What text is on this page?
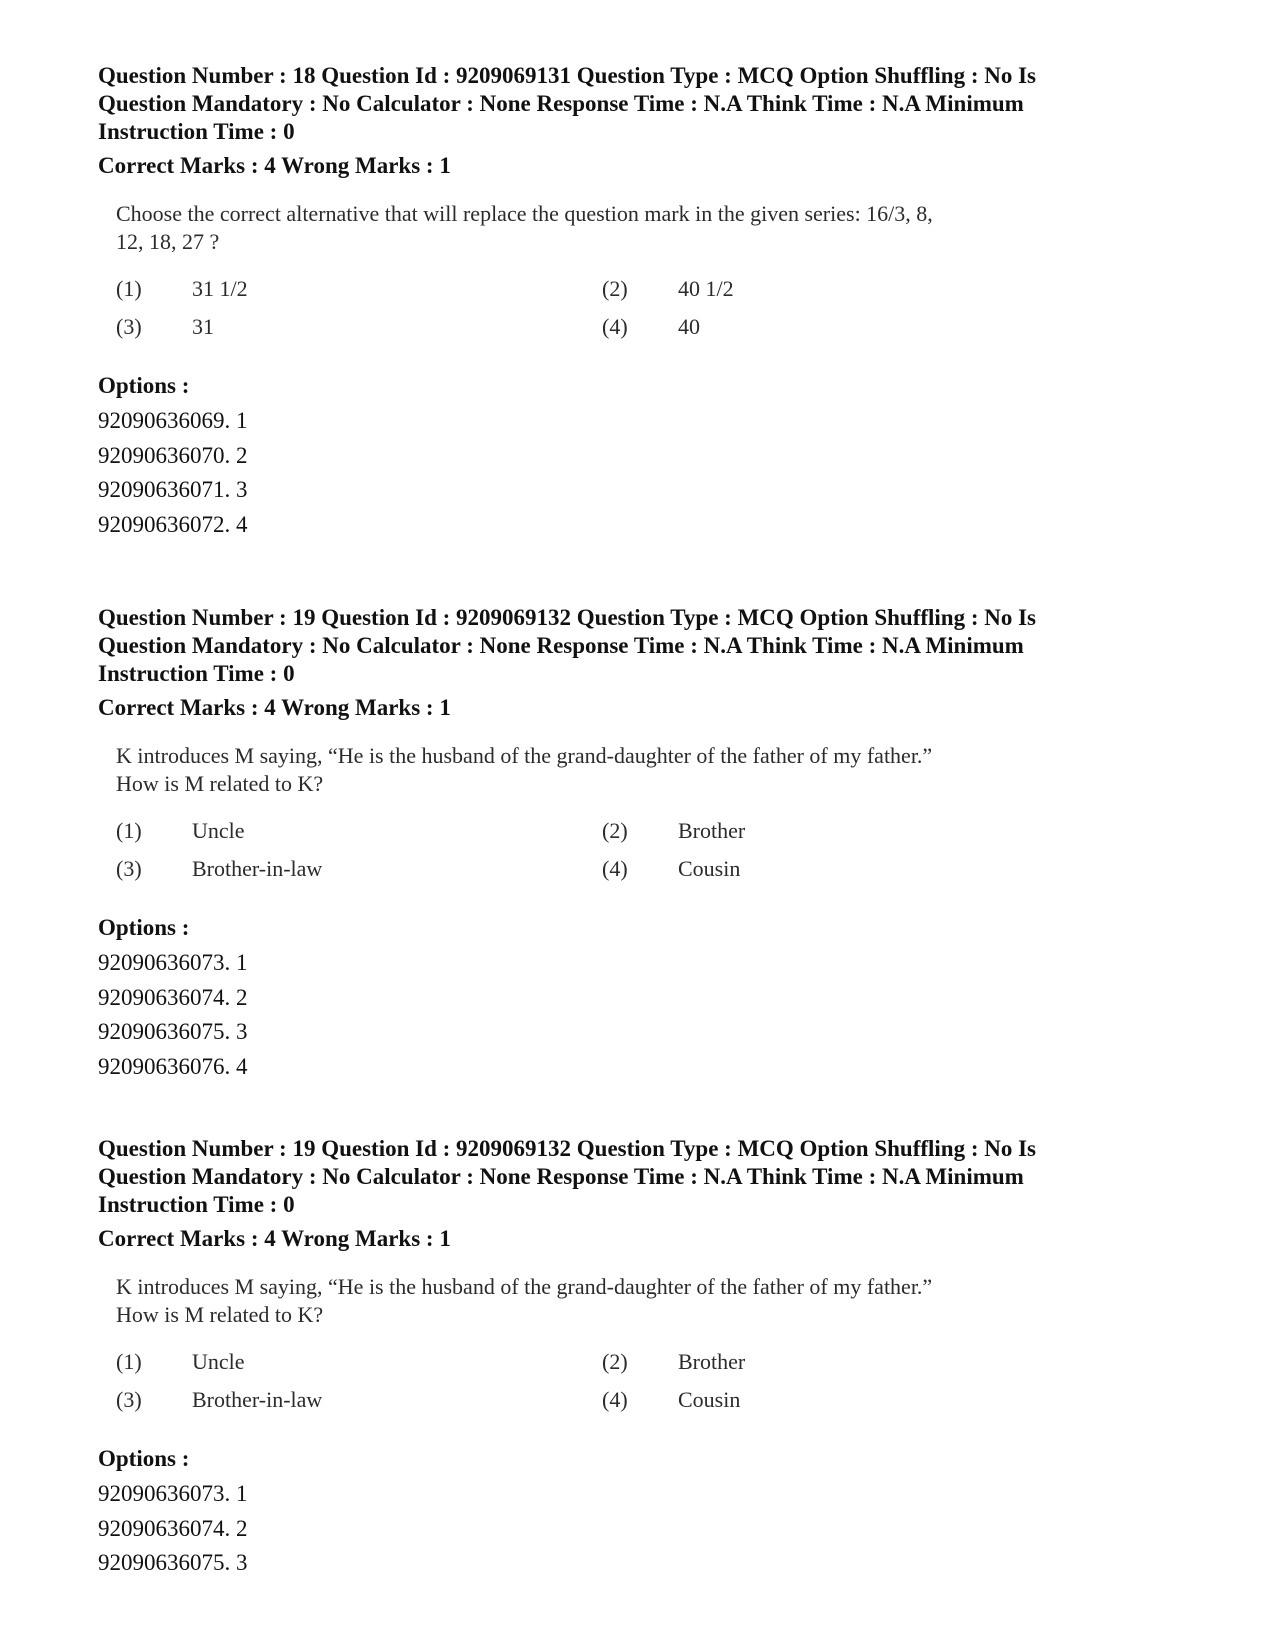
Question Number : 18 Question Id : 9209069131 Question Type : MCQ Option Shuffling : No Is
Question Mandatory : No Calculator : None Response Time : N.A Think Time : N.A Minimum
Instruction Time : 0
Correct Marks : 4 Wrong Marks : 1
Choose the correct alternative that will replace the question mark in the given series: 16/3, 8,
12, 18, 27 ?
(1)	31 1/2	(2)	40 1/2
(3)	31	(4)	40
Options :
92090636069. 1
92090636070. 2
92090636071. 3
92090636072. 4
Question Number : 19 Question Id : 9209069132 Question Type : MCQ Option Shuffling : No Is
Question Mandatory : No Calculator : None Response Time : N.A Think Time : N.A Minimum
Instruction Time : 0
Correct Marks : 4 Wrong Marks : 1
K introduces M saying, “He is the husband of the grand-daughter of the father of my father.”
How is M related to K?
(1)	Uncle	(2)	Brother
(3)	Brother-in-law	(4)	Cousin
Options :
92090636073. 1
92090636074. 2
92090636075. 3
92090636076. 4
Question Number : 19 Question Id : 9209069132 Question Type : MCQ Option Shuffling : No Is
Question Mandatory : No Calculator : None Response Time : N.A Think Time : N.A Minimum
Instruction Time : 0
Correct Marks : 4 Wrong Marks : 1
K introduces M saying, “He is the husband of the grand-daughter of the father of my father.”
How is M related to K?
(1)	Uncle	(2)	Brother
(3)	Brother-in-law	(4)	Cousin
Options :
92090636073. 1
92090636074. 2
92090636075. 3
